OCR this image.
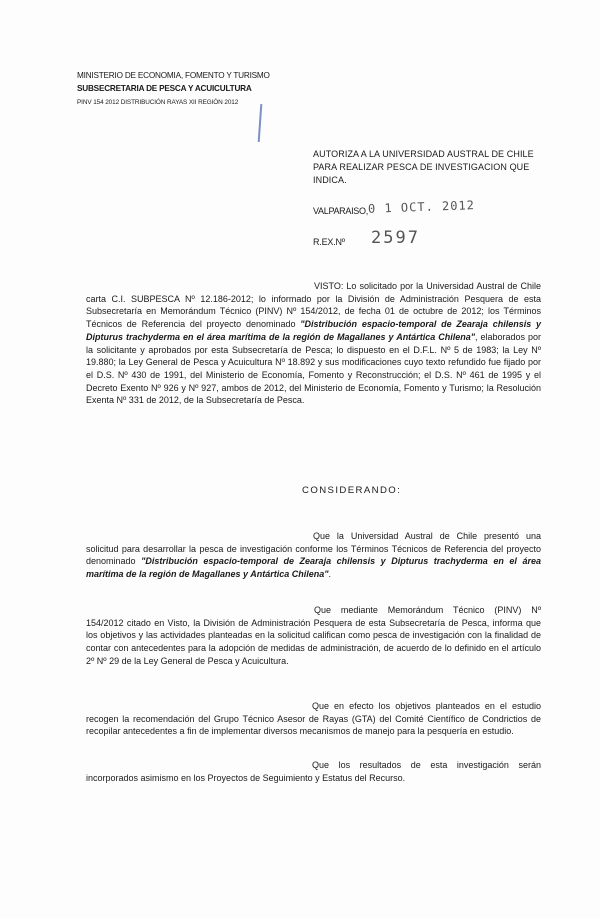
MINISTERIO DE ECONOMIA, FOMENTO Y TURISMO
SUBSECRETARIA DE PESCA Y ACUICULTURA
PINV 154 2012 DISTRIBUCIÓN RAYAS XII REGIÓN 2012
AUTORIZA A LA UNIVERSIDAD AUSTRAL DE CHILE
PARA REALIZAR PESCA DE INVESTIGACION QUE
INDICA.
VALPARAISO, 0 1 OCT. 2012
R.EX.Nº 2597

VISTO: Lo solicitado por la Universidad Austral de Chile carta C.I. SUBPESCA Nº 12.186-2012; lo informado por la División de Administración Pesquera de esta Subsecretaría en Memorándum Técnico (PINV) Nº 154/2012, de fecha 01 de octubre de 2012; los Términos Técnicos de Referencia del proyecto denominado "Distribución espacio-temporal de Zearaja chilensis y Dipturus trachyderma en el área marítima de la región de Magallanes y Antártica Chilena", elaborados por la solicitante y aprobados por esta Subsecretaría de Pesca; lo dispuesto en el D.F.L. Nº 5 de 1983; la Ley Nº 19.880; la Ley General de Pesca y Acuicultura Nº 18.892 y sus modificaciones cuyo texto refundido fue fijado por el D.S. Nº 430 de 1991, del Ministerio de Economía, Fomento y Reconstrucción; el D.S. Nº 461 de 1995 y el Decreto Exento Nº 926 y Nº 927, ambos de 2012, del Ministerio de Economía, Fomento y Turismo; la Resolución Exenta Nº 331 de 2012, de la Subsecretaría de Pesca.

CONSIDERANDO:

Que la Universidad Austral de Chile presentó una solicitud para desarrollar la pesca de investigación conforme los Términos Técnicos de Referencia del proyecto denominado "Distribución espacio-temporal de Zearaja chilensis y Dipturus trachyderma en el área marítima de la región de Magallanes y Antártica Chilena".

Que mediante Memorándum Técnico (PINV) Nº 154/2012 citado en Visto, la División de Administración Pesquera de esta Subsecretaría de Pesca, informa que los objetivos y las actividades planteadas en la solicitud califican como pesca de investigación con la finalidad de contar con antecedentes para la adopción de medidas de administración, de acuerdo de lo definido en el artículo 2º Nº 29 de la Ley General de Pesca y Acuicultura.

Que en efecto los objetivos planteados en el estudio recogen la recomendación del Grupo Técnico Asesor de Rayas (GTA) del Comité Científico de Condrictios de recopilar antecedentes a fin de implementar diversos mecanismos de manejo para la pesquería en estudio.

Que los resultados de esta investigación serán incorporados asimismo en los Proyectos de Seguimiento y Estatus del Recurso.
